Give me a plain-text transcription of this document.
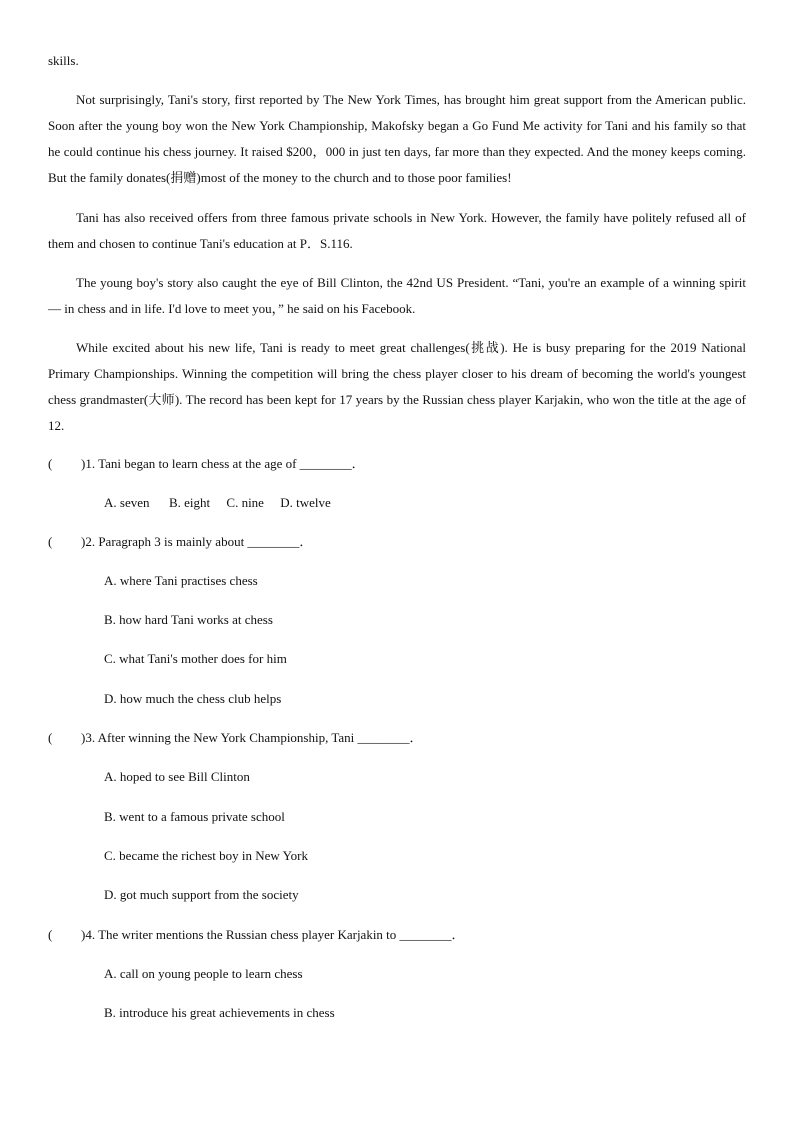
skills.
Not surprisingly, Tani's story, first reported by The New York Times, has brought him great support from the American public. Soon after the young boy won the New York Championship, Makofsky began a Go Fund Me activity for Tani and his family so that he could continue his chess journey. It raised $200，000 in just ten days, far more than they expected. And the money keeps coming. But the family donates(捐赠)most of the money to the church and to those poor families!
Tani has also received offers from three famous private schools in New York. However, the family have politely refused all of them and chosen to continue Tani's education at P．S.116.
The young boy's story also caught the eye of Bill Clinton, the 42nd US President. “Tani, you're an example of a winning spirit — in chess and in life. I'd love to meet you，” he said on his Facebook.
While excited about his new life, Tani is ready to meet great challenges(挑战). He is busy preparing for the 2019 National Primary Championships. Winning the competition will bring the chess player closer to his dream of becoming the world's youngest chess grandmaster(大师). The record has been kept for 17 years by the Russian chess player Karjakin, who won the title at the age of 12.
( )1. Tani began to learn chess at the age of ________．
A. seven      B. eight     C. nine     D. twelve
( )2. Paragraph 3 is mainly about ________．
A. where Tani practises chess
B. how hard Tani works at chess
C. what Tani's mother does for him
D. how much the chess club helps
( )3. After winning the New York Championship, Tani ________．
A. hoped to see Bill Clinton
B. went to a famous private school
C. became the richest boy in New York
D. got much support from the society
( )4. The writer mentions the Russian chess player Karjakin to ________．
A. call on young people to learn chess
B. introduce his great achievements in chess
